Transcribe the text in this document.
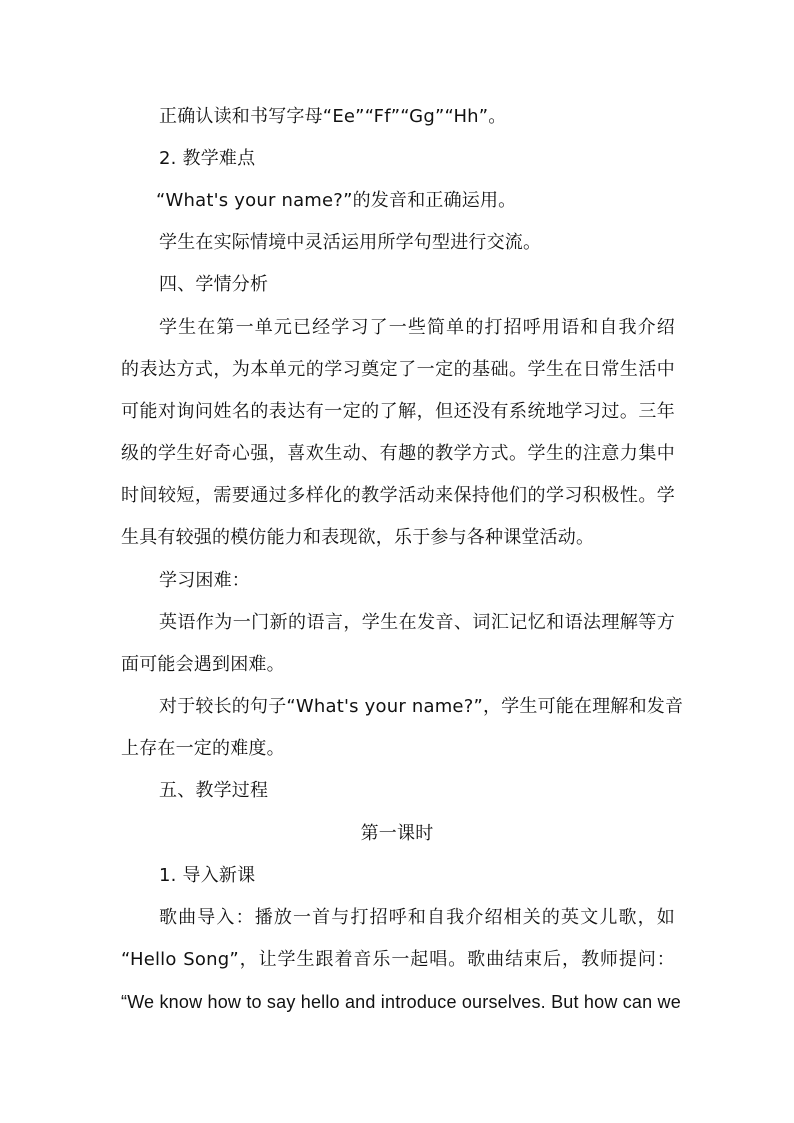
正确认读和书写字母“Ee”“Ff”“Gg”“Hh”。
2. 教学难点
“What's your name?”的发音和正确运用。
学生在实际情境中灵活运用所学句型进行交流。
四、学情分析
学生在第一单元已经学习了一些简单的打招呼用语和自我介绍
的表达方式，为本单元的学习奠定了一定的基础。学生在日常生活中
可能对询问姓名的表达有一定的了解，但还没有系统地学习过。三年
级的学生好奇心强，喜欢生动、有趣的教学方式。学生的注意力集中
时间较短，需要通过多样化的教学活动来保持他们的学习积极性。学
生具有较强的模仿能力和表现欲，乐于参与各种课堂活动。
学习困难：
英语作为一门新的语言，学生在发音、词汇记忆和语法理解等方
面可能会遇到困难。
对于较长的句子“What's your name?”，学生可能在理解和发音
上存在一定的难度。
五、教学过程
第一课时
1. 导入新课
歌曲导入：播放一首与打招呼和自我介绍相关的英文儿歌，如
“Hello Song”，让学生跟着音乐一起唱。歌曲结束后，教师提问：
“We know how to say hello and introduce ourselves. But how can we
